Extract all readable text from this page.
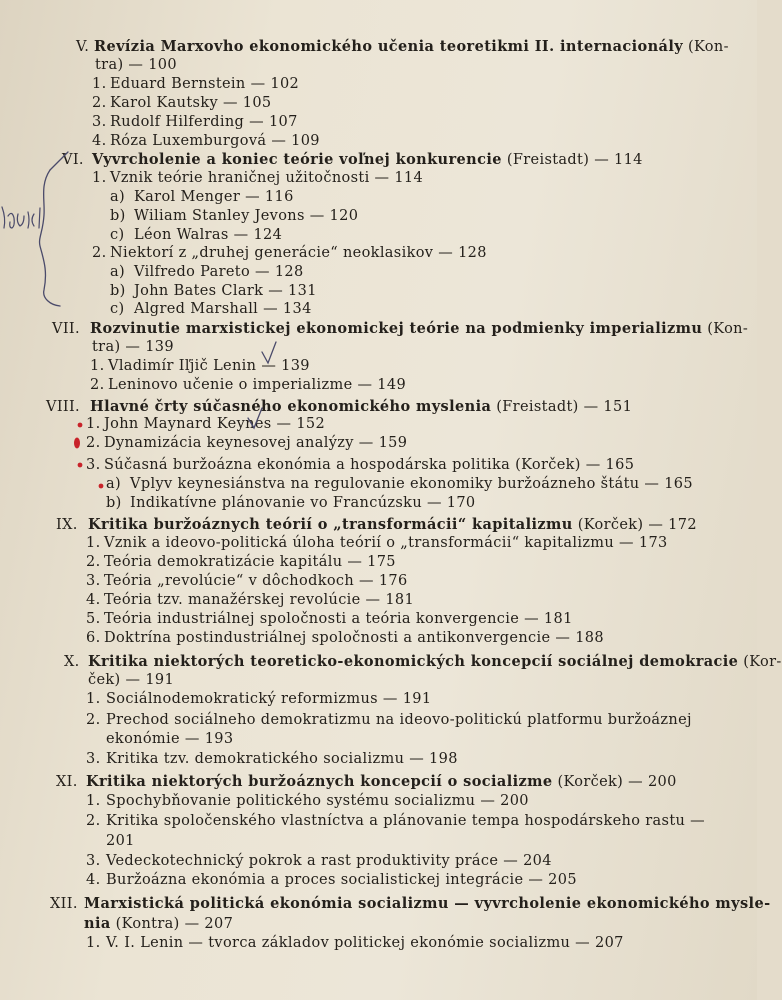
V. Revízia Marxovho ekonomického učenia teoretikmi II. internacionály (Kon-
tra) — 100
1. Eduard Bernstein — 102
2. Karol Kautsky — 105
3. Rudolf Hilferding — 107
4. Róza Luxemburgová — 109
VI. Vyvrcholenie a koniec teórie voľnej konkurencie (Freistadt) — 114
1. Vznik teórie hraničnej užitočnosti — 114
a) Karol Menger — 116
b) Wiliam Stanley Jevons — 120
c) Léon Walras — 124
2. Niektorí z „druhej generácie“ neoklasikov — 128
a) Vilfredo Pareto — 128
b) John Bates Clark — 131
c) Algred Marshall — 134
VII. Rozvinutie marxistickej ekonomickej teórie na podmienky imperializmu (Kon-
tra) — 139
1. Vladimír Iľjič Lenin — 139
2. Leninovo učenie o imperializme — 149
VIII. Hlavné črty súčasného ekonomického myslenia (Freistadt) — 151
1. John Maynard Keynes — 152
2. Dynamizácia keynesovej analýzy — 159
3. Súčasná buržoázna ekonómia a hospodárska politika (Korček) — 165
a) Vplyv keynesiánstva na regulovanie ekonomiky buržoázneho štátu — 165
b) Indikatívne plánovanie vo Francúzsku — 170
IX. Kritika buržoáznych teórií o „transformácii“ kapitalizmu (Korček) — 172
1. Vznik a ideovo-politická úloha teórií o „transformácii“ kapitalizmu — 173
2. Teória demokratizácie kapitálu — 175
3. Teória „revolúcie“ v dôchodkoch — 176
4. Teória tzv. manažérskej revolúcie — 181
5. Teória industriálnej spoločnosti a teória konvergencie — 181
6. Doktrína postindustriálnej spoločnosti a antikonvergencie — 188
X. Kritika niektorých teoreticko-ekonomických koncepcií sociálnej demokracie (Kor-
ček) — 191
1. Sociálnodemokratický reformizmus — 191
2. Prechod sociálneho demokratizmu na ideovo-politickú platformu buržoáznej
ekonómie — 193
3. Kritika tzv. demokratického socializmu — 198
XI. Kritika niektorých buržoáznych koncepcií o socializme (Korček) — 200
1. Spochybňovanie politického systému socializmu — 200
2. Kritika spoločenského vlastníctva a plánovanie tempa hospodárskeho rastu —
201
3. Vedeckotechnický pokrok a rast produktivity práce — 204
4. Buržoázna ekonómia a proces socialistickej integrácie — 205
XII. Marxistická politická ekonómia socializmu — vyvrcholenie ekonomického mysle-
nia (Kontra) — 207
1. V. I. Lenin — tvorca základov politickej ekonómie socializmu — 207
